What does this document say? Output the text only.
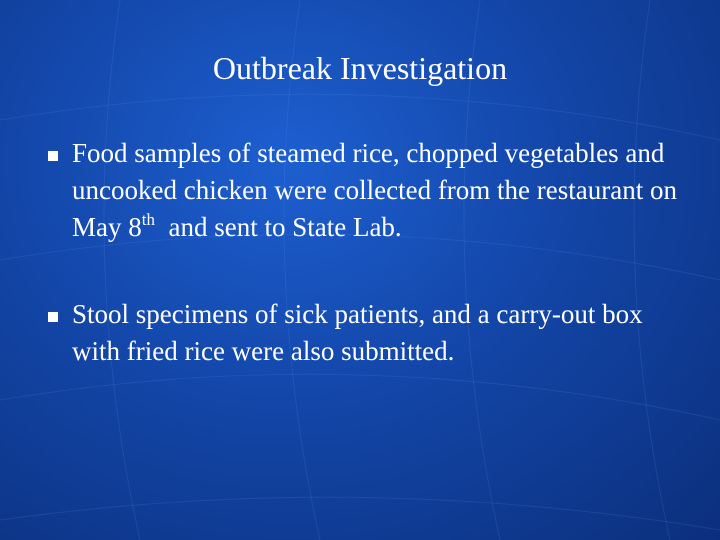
Outbreak Investigation
Food samples of steamed rice, chopped vegetables and uncooked chicken were collected from the restaurant on May 8th  and sent to State Lab.
Stool specimens of sick patients, and a carry-out box with fried rice were also submitted.
